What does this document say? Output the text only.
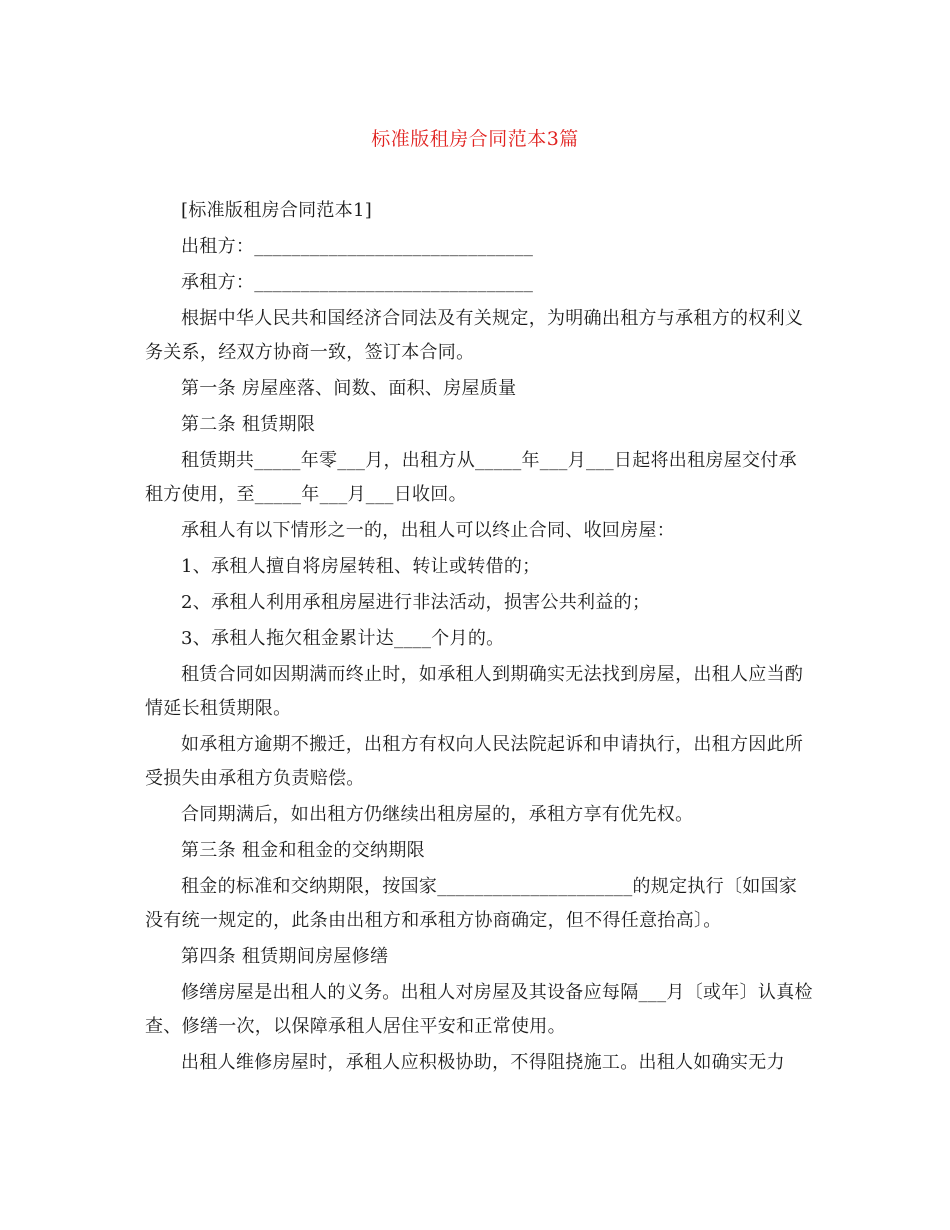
标准版租房合同范本3篇

[标准版租房合同范本1]

出租方：______________________________

承租方：______________________________

根据中华人民共和国经济合同法及有关规定，为明确出租方与承租方的权利义务关系，经双方协商一致，签订本合同。

第一条 房屋座落、间数、面积、房屋质量

第二条 租赁期限

租赁期共_____年零___月，出租方从_____年___月___日起将出租房屋交付承租方使用，至_____年___月___日收回。

承租人有以下情形之一的，出租人可以终止合同、收回房屋：

1、承租人擅自将房屋转租、转让或转借的；

2、承租人利用承租房屋进行非法活动，损害公共利益的；

3、承租人拖欠租金累计达____个月的。

租赁合同如因期满而终止时，如承租人到期确实无法找到房屋，出租人应当酌情延长租赁期限。

如承租方逾期不搬迁，出租方有权向人民法院起诉和申请执行，出租方因此所受损失由承租方负责赔偿。

合同期满后，如出租方仍继续出租房屋的，承租方享有优先权。

第三条 租金和租金的交纳期限

租金的标准和交纳期限，按国家_____________________的规定执行〔如国家没有统一规定的，此条由出租方和承租方协商确定，但不得任意抬高〕。

第四条 租赁期间房屋修缮

修缮房屋是出租人的义务。出租人对房屋及其设备应每隔___月〔或年〕认真检查、修缮一次，以保障承租人居住平安和正常使用。

出租人维修房屋时，承租人应积极协助，不得阻挠施工。出租人如确实无力
